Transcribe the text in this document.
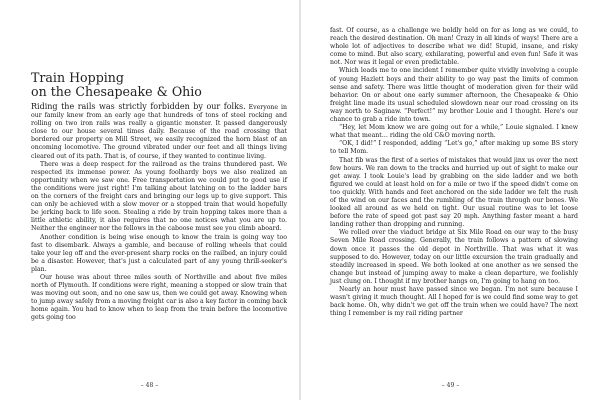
Train Hopping
on the Chesapeake & Ohio

Riding the rails was strictly forbidden by our folks. Everyone in our family knew from an early age that hundreds of tons of steel rocking and rolling on two iron rails was really a gigantic monster. It passed dangerously close to our house several times daily. Because of the road crossing that bordered our property on Mill Street, we easily recognized the horn blast of an oncoming locomotive. The ground vibrated under our feet and all things living cleared out of its path. That is, of course, if they wanted to continue living.

There was a deep respect for the railroad as the trains thundered past. We respected its immense power. As young foolhardy boys we also realized an opportunity when we saw one. Free transportation we could put to good use if the conditions were just right! I'm talking about latching on to the ladder bars on the corners of the freight cars and bringing our legs up to give support. This can only be achieved with a slow mover or a stopped train that would hopefully be jerking back to life soon. Stealing a ride by train hopping takes more than a little athletic ability, it also requires that no one notices what you are up to. Neither the engineer nor the fellows in the caboose must see you climb aboard.

Another condition is being wise enough to know the train is going way too fast to disembark. Always a gamble, and because of rolling wheels that could take your leg off and the ever-present sharp rocks on the railbed, an injury could be a disaster. However, that's just a calculated part of any young thrill-seeker's plan.

Our house was about three miles south of Northville and about five miles north of Plymouth. If conditions were right, meaning a stopped or slow train that was moving out soon, and no one saw us, then we could get away. Knowing when to jump away safely from a moving freight car is also a key factor in coming back home again. You had to know when to leap from the train before the locomotive gets going too

– 48 –

fast. Of course, as a challenge we boldly held on for as long as we could, to reach the desired destination. Oh man! Crazy in all kinds of ways! There are a whole lot of adjectives to describe what we did! Stupid, insane, and risky come to mind. But also scary, exhilarating, powerful and even fun! Safe it was not. Nor was it legal or even predictable.

Which leads me to one incident I remember quite vividly involving a couple of young Hazlett boys and their ability to go way past the limits of common sense and safety. There was little thought of moderation given for their wild behavior. On or about one early summer afternoon, the Chesapeake & Ohio freight line made its usual scheduled slowdown near our road crossing on its way north to Saginaw. “Perfect!” my brother Louie and I thought. Here's our chance to grab a ride into town.

“Hey, let Mom know we are going out for a while,” Louie signaled. I knew what that meant… riding the old C&O moving north.

“OK, I did!” I responded, adding “Let's go,” after making up some BS story to tell Mom.

That fib was the first of a series of mistakes that would jinx us over the next few hours. We ran down to the tracks and hurried up out of sight to make our get away. I took Louie's lead by grabbing on the side ladder and we both figured we could at least hold on for a mile or two if the speed didn't come on too quickly. With hands and feet anchored on the side ladder we felt the rush of the wind on our faces and the rumbling of the train through our bones. We looked all around as we held on tight. Our usual routine was to let loose before the rate of speed got past say 20 mph. Anything faster meant a hard landing rather than dropping and running.

We rolled over the viaduct bridge at Six Mile Road on our way to the busy Seven Mile Road crossing. Generally, the train follows a pattern of slowing down once it passes the old depot in Northville. That was what it was supposed to do. However, today on our little excursion the train gradually and steadily increased in speed. We both looked at one another as we sensed the change but instead of jumping away to make a clean departure, we foolishly just clung on. I thought if my brother hangs on, I'm going to hang on too.

Nearly an hour must have passed since we began. I'm not sure because I wasn't giving it much thought. All I hoped for is we could find some way to get back home. Oh, why didn't we get off the train when we could have? The next thing I remember is my rail riding partner

– 49 –
